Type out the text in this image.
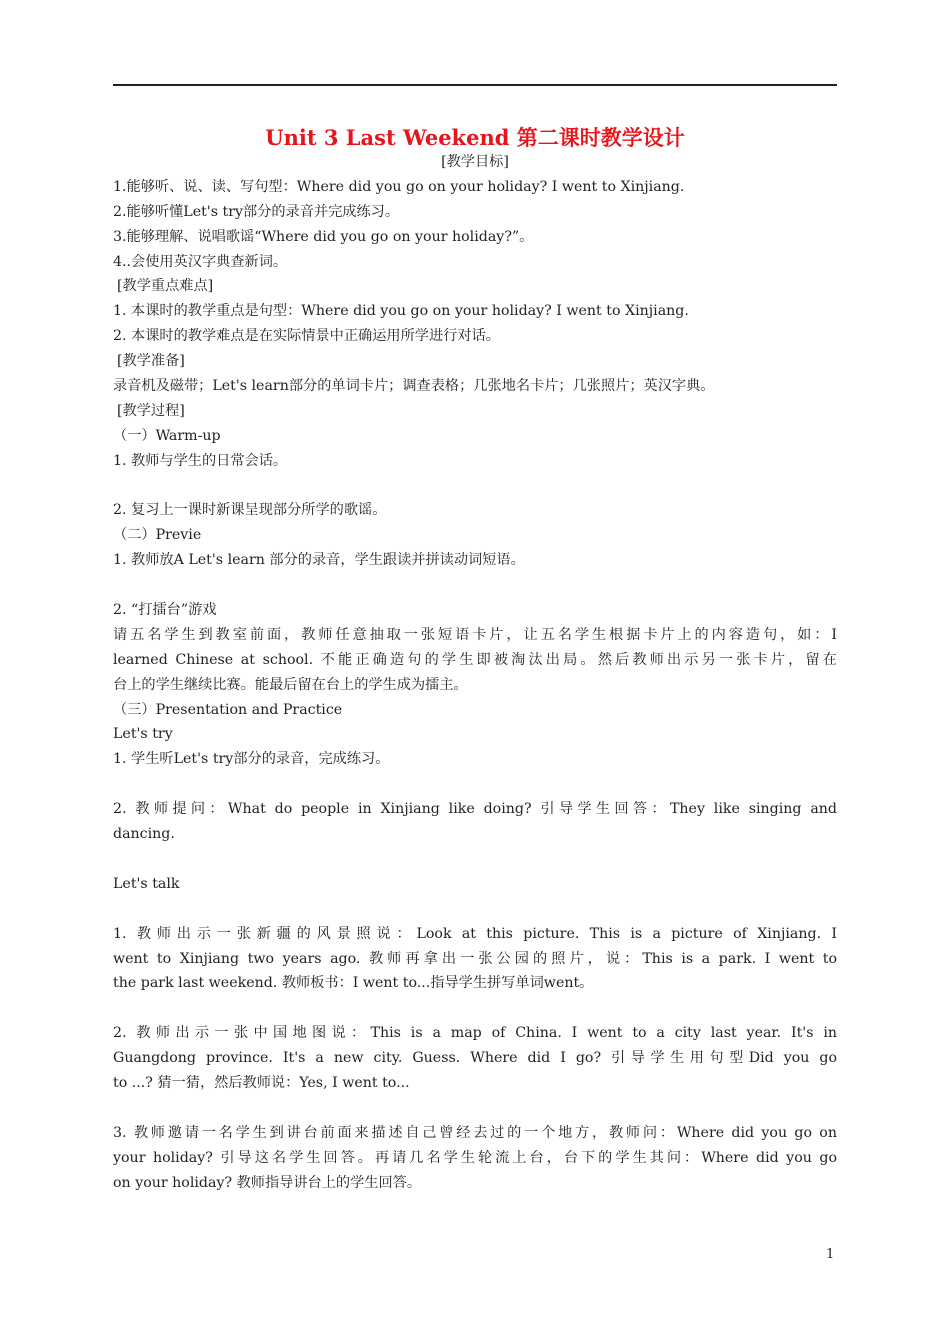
Unit 3 Last Weekend 第二课时教学设计
[教学目标]
1.能够听、说、读、写句型：Where did you go on your holiday? I went to Xinjiang.
2.能够听懂Let's try部分的录音并完成练习。
3.能够理解、说唱歌谣“Where did you go on your holiday?”。
4..会使用英汉字典查新词。
[教学重点难点]
1. 本课时的教学重点是句型：Where did you go on your holiday? I went to Xinjiang.
2. 本课时的教学难点是在实际情景中正确运用所学进行对话。
[教学准备]
录音机及磁带；Let's learn部分的单词卡片；调查表格；几张地名卡片；几张照片；英汉字典。
[教学过程]
（一）Warm-up
1. 教师与学生的日常会话。
2. 复习上一课时新课呈现部分所学的歌谣。
（二）Previe
1. 教师放A Let's learn 部分的录音，学生跟读并拼读动词短语。
2. “打擂台”游戏
请五名学生到教室前面，教师任意抽取一张短语卡片，让五名学生根据卡片上的内容造句，如：I
learned Chinese at school. 不能正确造句的学生即被淘汰出局。然后教师出示另一张卡片，留在
台上的学生继续比赛。能最后留在台上的学生成为擂主。
（三）Presentation and Practice
Let's try
1. 学生听Let's try部分的录音，完成练习。
2. 教师提问：What do people in Xinjiang like doing? 引导学生回答：They like singing and
dancing.
Let's talk
1. 教师出示一张新疆的风景照说：Look at this picture. This is a picture of Xinjiang. I
went to Xinjiang two years ago. 教师再拿出一张公园的照片，说：This is a park. I went to
the park last weekend. 教师板书：I went to...指导学生拼写单词went。
2. 教师出示一张中国地图说：This is a map of China. I went to a city last year. It's in
Guangdong province. It's a new city. Guess. Where did I go? 引导学生用句型Did you go
to ...? 猜一猜，然后教师说：Yes, I went to...
3. 教师邀请一名学生到讲台前面来描述自己曾经去过的一个地方，教师问：Where did you go on
your holiday? 引导这名学生回答。再请几名学生轮流上台，台下的学生其问：Where did you go
on your holiday? 教师指导讲台上的学生回答。
1
